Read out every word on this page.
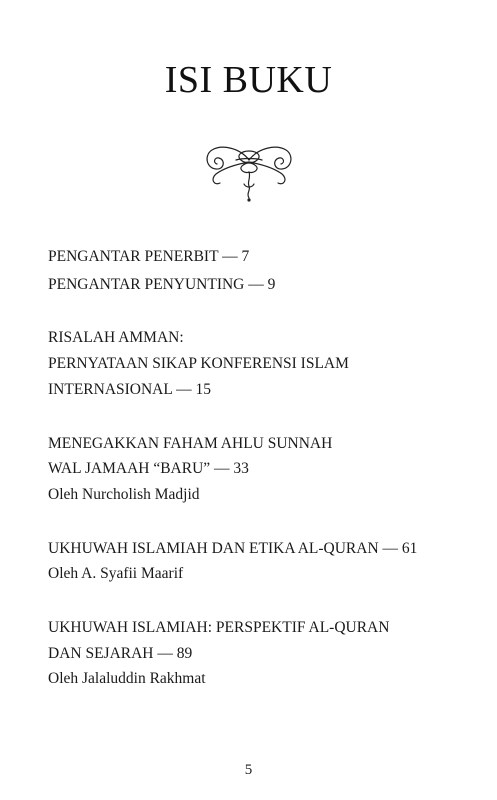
ISI BUKU
PENGANTAR PENERBIT — 7
PENGANTAR PENYUNTING — 9
RISALAH AMMAN:
PERNYATAAN SIKAP KONFERENSI ISLAM
INTERNASIONAL — 15
MENEGAKKAN FAHAM AHLU SUNNAH
WAL JAMAAH “BARU” — 33
Oleh Nurcholish Madjid
UKHUWAH ISLAMIAH DAN ETIKA AL-QURAN — 61
Oleh A. Syafii Maarif
UKHUWAH ISLAMIAH: PERSPEKTIF AL-QURAN
DAN SEJARAH — 89
Oleh Jalaluddin Rakhmat
5
